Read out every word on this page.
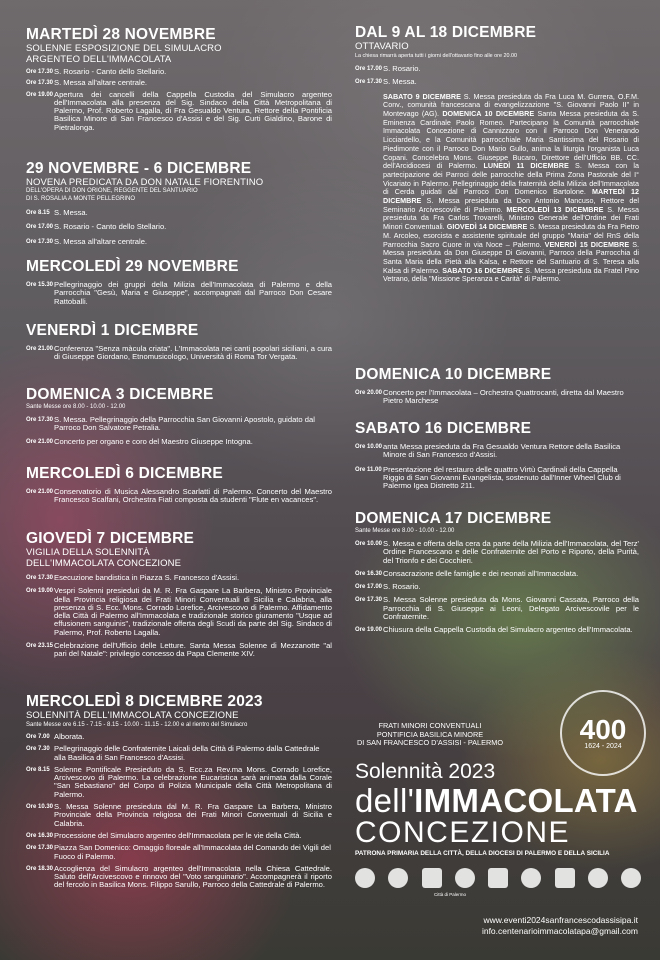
MARTEDÌ 28 NOVEMBRE
SOLENNE ESPOSIZIONE DEL SIMULACRO
ARGENTEO DELL'IMMACOLATA
Ore 17.30 S. Rosario - Canto dello Stellario.
Ore 17.30 S. Messa all'altare centrale.
Ore 19.00 Apertura dei cancelli della Cappella Custodia del Simulacro argenteo dell'Immacolata alla presenza del Sig. Sindaco della Città Metropolitana di Palermo, Prof. Roberto Lagalla, di Fra Gesualdo Ventura, Rettore della Pontificia Basilica Minore di San Francesco d'Assisi e del Sig. Curti Gialdino, Barone di Pietralonga.
29 NOVEMBRE - 6 DICEMBRE
NOVENA PREDICATA DA DON NATALE FIORENTINO
DELL'OPERA DI DON ORIONE, REGGENTE DEL SANTUARIO
DI S. ROSALIA A MONTE PELLEGRINO
Ore 8.15 S. Messa.
Ore 17.00 S. Rosario - Canto dello Stellario.
Ore 17.30 S. Messa all'altare centrale.
MERCOLEDÌ 29 NOVEMBRE
Ore 15.30 Pellegrinaggio dei gruppi della Milizia dell'Immacolata di Palermo e della Parrocchia "Gesù, Maria e Giuseppe", accompagnati dal Parroco Don Cesare Rattoballi.
VENERDÌ 1 DICEMBRE
Ore 21.00 Conferenza "Senza màcula criata". L'Immacolata nei canti popolari siciliani, a cura di Giuseppe Giordano, Etnomusicologo, Università di Roma Tor Vergata.
DOMENICA 3 DICEMBRE
Sante Messe ore 8.00 - 10.00 - 12.00
Ore 17.30 S. Messa. Pellegrinaggio della Parrocchia San Giovanni Apostolo, guidato dal Parroco Don Salvatore Petralia.
Ore 21.00 Concerto per organo e coro del Maestro Giuseppe Intogna.
MERCOLEDÌ 6 DICEMBRE
Ore 21.00 Conservatorio di Musica Alessandro Scarlatti di Palermo. Concerto del Maestro Francesco Scalfani, Orchestra Fiati composta da studenti "Flute en vacances".
GIOVEDÌ 7 DICEMBRE
VIGILIA DELLA SOLENNITÀ
DELL'IMMACOLATA CONCEZIONE
Ore 17.30 Esecuzione bandistica in Piazza S. Francesco d'Assisi.
Ore 19.00 Vespri Solenni presieduti da M. R. Fra Gaspare La Barbera, Ministro Provinciale della Provincia religiosa dei Frati Minori Conventuali di Sicilia e Calabria, alla presenza di S. Ecc. Mons. Corrado Lorefice, Arcivescovo di Palermo. Affidamento della Città di Palermo all'Immacolata e tradizionale storico giuramento "Usque ad effusionem sanguinis", tradizionale offerta degli Scudi da parte del Sig. Sindaco di Palermo, Prof. Roberto Lagalla.
Ore 23.15 Celebrazione dell'Ufficio delle Letture. Santa Messa Solenne di Mezzanotte "al pari del Natale": privilegio concesso da Papa Clemente XIV.
MERCOLEDÌ 8 DICEMBRE 2023
SOLENNITÀ DELL'IMMACOLATA CONCEZIONE
Sante Messe ore 6.15 - 7.15 - 8.15 - 10.00 - 11.15 - 12.00 e al rientro del Simulacro
Ore 7.00 Alborata.
Ore 7.30 Pellegrinaggio delle Confraternite Laicali della Città di Palermo dalla Cattedrale alla Basilica di San Francesco d'Assisi.
Ore 8.15 Solenne Pontificale Presieduto da S. Ecc.za Rev.ma Mons. Corrado Lorefice, Arcivescovo di Palermo. La celebrazione Eucaristica sarà animata dalla Corale "San Sebastiano" del Corpo di Polizia Municipale della Città Metropolitana di Palermo.
Ore 10.30 S. Messa Solenne presieduta dal M. R. Fra Gaspare La Barbera, Ministro Provinciale della Provincia religiosa dei Frati Minori Conventuali di Sicilia e Calabria.
Ore 16.30 Processione del Simulacro argenteo dell'Immacolata per le vie della Città.
Ore 17.30 Piazza San Domenico: Omaggio floreale all'Immacolata del Comando dei Vigili del Fuoco di Palermo.
Ore 18.30 Accoglienza del Simulacro argenteo dell'Immacolata nella Chiesa Cattedrale. Saluto dell'Arcivescovo e rinnovo del "Voto sanguinario". Accompagnerà il riporto del fercolo in Basilica Mons. Filippo Sarullo, Parroco della Cattedrale di Palermo.
DAL 9 AL 18 DICEMBRE
OTTAVARIO
La chiesa rimarrà aperta tutti i giorni dell'ottavario fino alle ore 20.00
Ore 17.00 S. Rosario.
Ore 17.30 S. Messa.
SABATO 9 DICEMBRE S. Messa presieduta da Fra Luca M. Gurrera, O.F.M. Conv., comunità francescana di evangelizzazione "S. Giovanni Paolo II" in Montevago (AG). DOMENICA 10 DICEMBRE Santa Messa presieduta da S. Eminenza Cardinale Paolo Romeo. Partecipano la Comunità parrocchiale Immacolata Concezione di Cannizzaro con il Parroco Don Venerando Licciardello, e la Comunità parrocchiale Maria Santissima del Rosario di Piedimonte con il Parroco Don Mario Gullo, anima la liturgia l'organista Luca Copani. Concelebra Mons. Giuseppe Bucaro, Direttore dell'Ufficio BB. CC. dell'Arcidiocesi di Palermo. LUNEDÌ 11 DICEMBRE S. Messa con la partecipazione dei Parroci delle parrocchie della Prima Zona Pastorale del I° Vicariato in Palermo. Pellegrinaggio della fraternità della Milizia dell'Immacolata di Cerda guidati dal Parroco Don Domenico Bartolone. MARTEDÌ 12 DICEMBRE S. Messa presieduta da Don Antonio Mancuso, Rettore del Seminario Arcivescovile di Palermo. MERCOLEDÌ 13 DICEMBRE S. Messa presieduta da Fra Carlos Trovarelli, Ministro Generale dell'Ordine dei Frati Minori Conventuali. GIOVEDÌ 14 DICEMBRE S. Messa presieduta da Fra Pietro M. Arcoleo, esorcista e assistente spirituale del gruppo "Maria" del RnS della Parrocchia Sacro Cuore in via Noce – Palermo. VENERDÌ 15 DICEMBRE S. Messa presieduta da Don Giuseppe Di Giovanni, Parroco della Parrocchia di Santa Maria della Pietà alla Kalsa, e Rettore del Santuario di S. Teresa alla Kalsa di Palermo. SABATO 16 DICEMBRE S. Messa presieduta da Fratel Pino Vetrano, della "Missione Speranza e Carità" di Palermo.
DOMENICA 10 DICEMBRE
Ore 20.00 Concerto per l'Immacolata – Orchestra Quattrocanti, diretta dal Maestro Pietro Marchese
SABATO 16 DICEMBRE
Ore 10.00 anta Messa presieduta da Fra Gesualdo Ventura Rettore della Basilica Minore di San Francesco d'Assisi.
Ore 11.00 Presentazione del restauro delle quattro Virtù Cardinali della Cappella Riggio di San Giovanni Evangelista, sostenuto dall'Inner Wheel Club di Palermo Igea Distretto 211.
DOMENICA 17 DICEMBRE
Sante Messe ore 8.00 - 10.00 - 12.00
Ore 10.00 S. Messa e offerta della cera da parte della Milizia dell'Immacolata, del Terz' Ordine Francescano e delle Confraternite del Porto e Riporto, della Purità, del Trionfo e dei Cocchieri.
Ore 16.30 Consacrazione delle famiglie e dei neonati all'Immacolata.
Ore 17.00 S. Rosario.
Ore 17.30 S. Messa Solenne presieduta da Mons. Giovanni Cassata, Parroco della Parrocchia di S. Giuseppe ai Leoni, Delegato Arcivescovile per le Confraternite.
Ore 19.00 Chiusura della Cappella Custodia del Simulacro argenteo dell'Immacolata.
400
1624 - 2024
FRATI MINORI CONVENTUALI
PONTIFICIA BASILICA MINORE
DI SAN FRANCESCO D'ASSISI - PALERMO
Solennità 2023
dell'IMMACOLATA
CONCEZIONE
PATRONA PRIMARIA DELLA CITTÀ, DELLA DIOCESI DI PALERMO E DELLA SICILIA
Città di Palermo
www.eventi2024sanfrancescodassisipa.it
info.centenarioimmacolatapa@gmail.com
